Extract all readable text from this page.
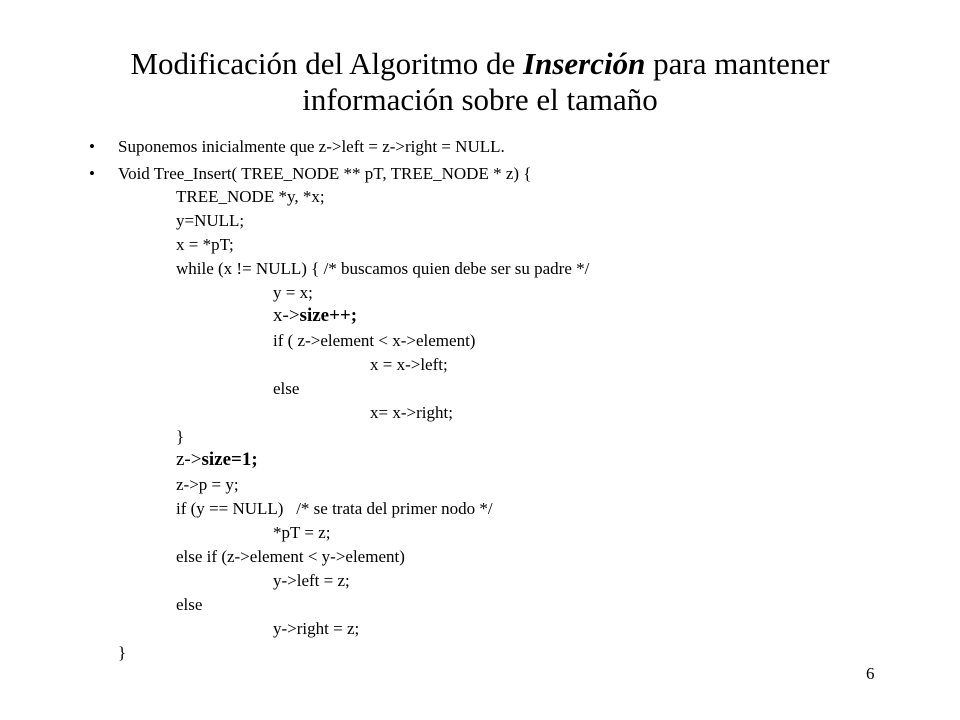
Modificación del Algoritmo de Inserción para mantener
información sobre el tamaño
• Suponemos inicialmente que z->left = z->right = NULL.
• Void Tree_Insert( TREE_NODE ** pT, TREE_NODE * z) {
TREE_NODE *y, *x;
y=NULL;
x = *pT;
while (x != NULL) { /* buscamos quien debe ser su padre */
y = x;
x->size++;
if ( z->element < x->element)
x = x->left;
else
x= x->right;
}
z->size=1;
z->p = y;
if (y == NULL)   /* se trata del primer nodo */
*pT = z;
else if (z->element < y->element)
y->left = z;
else
y->right = z;
}
6
